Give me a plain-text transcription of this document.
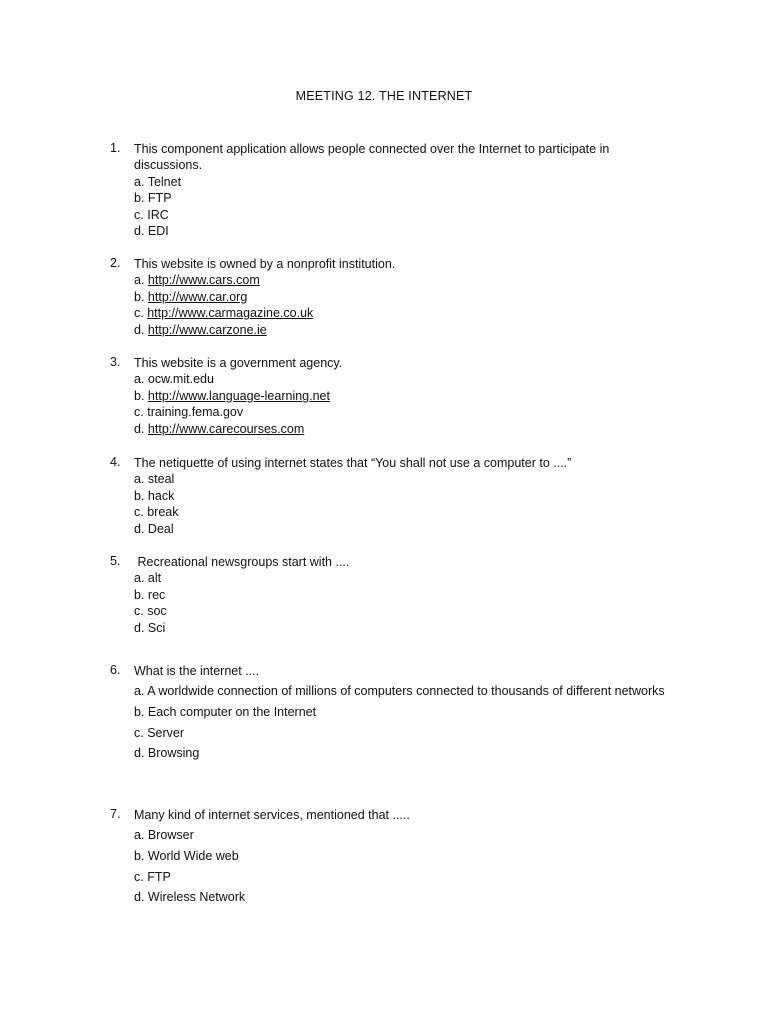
MEETING 12. THE INTERNET
1. This component application allows people connected over the Internet to participate in discussions.
a. Telnet
b. FTP
c. IRC
d. EDI
2. This website is owned by a nonprofit institution.
a. http://www.cars.com
b. http://www.car.org
c. http://www.carmagazine.co.uk
d. http://www.carzone.ie
3. This website is a government agency.
a. ocw.mit.edu
b. http://www.language-learning.net
c. training.fema.gov
d. http://www.carecourses.com
4. The netiquette of using internet states that “You shall not use a computer to ....”
a. steal
b. hack
c. break
d. Deal
5. Recreational newsgroups start with ....
a. alt
b. rec
c. soc
d. Sci
6. What is the internet ....
a. A worldwide connection of millions of computers connected to thousands of different networks
b. Each computer on the Internet
c. Server
d. Browsing
7. Many kind of internet services, mentioned that .....
a. Browser
b. World Wide web
c. FTP
d. Wireless Network
